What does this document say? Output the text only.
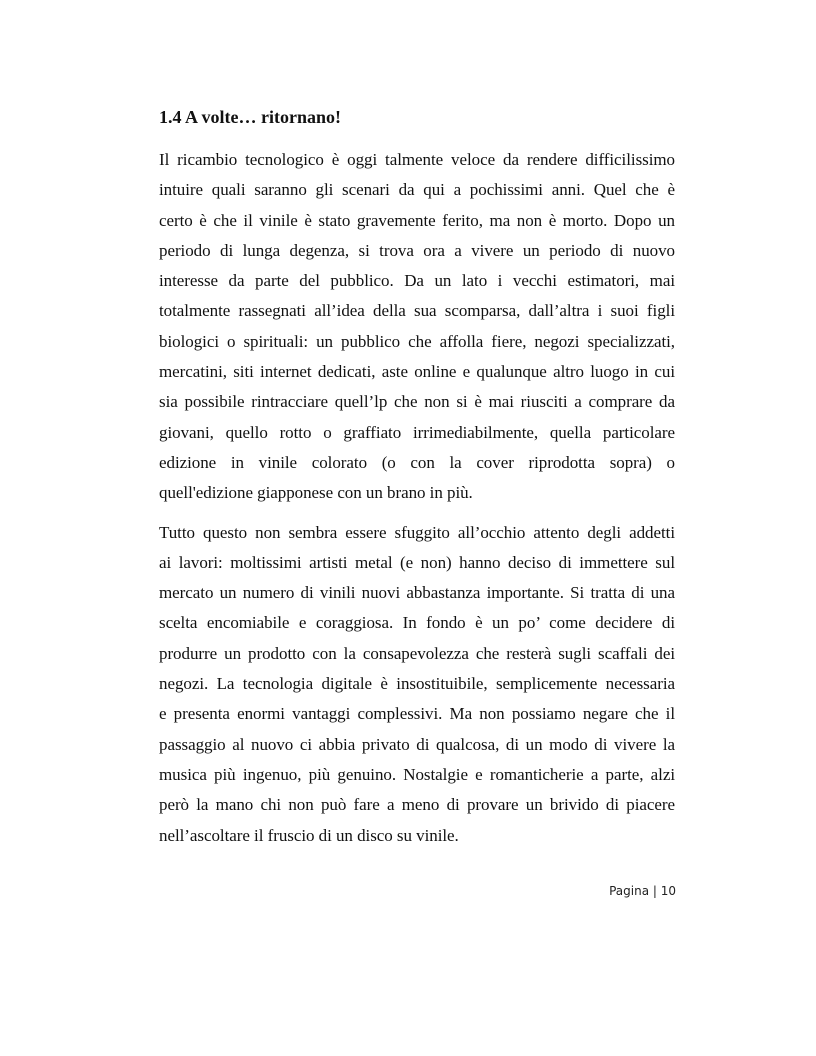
1.4 A volte… ritornano!
Il ricambio tecnologico è oggi talmente veloce da rendere difficilissimo
intuire quali saranno gli scenari da qui a pochissimi anni. Quel che è
certo è che il vinile è stato gravemente ferito, ma non è morto. Dopo un
periodo di lunga degenza, si trova ora a vivere un periodo di nuovo
interesse da parte del pubblico. Da un lato i vecchi estimatori, mai
totalmente rassegnati all’idea della sua scomparsa, dall’altra i suoi figli
biologici o spirituali: un pubblico che affolla fiere, negozi specializzati,
mercatini, siti internet dedicati, aste online e qualunque altro luogo in cui
sia possibile rintracciare quell’lp che non si è mai riusciti a comprare da
giovani, quello rotto o graffiato irrimediabilmente, quella particolare
edizione in vinile colorato (o con la cover riprodotta sopra) o
quell'edizione giapponese con un brano in più.
Tutto questo non sembra essere sfuggito all’occhio attento degli addetti
ai lavori: moltissimi artisti metal (e non) hanno deciso di immettere sul
mercato un numero di vinili nuovi abbastanza importante. Si tratta di una
scelta encomiabile e coraggiosa. In fondo è un po’ come decidere di
produrre un prodotto con la consapevolezza che resterà sugli scaffali dei
negozi. La tecnologia digitale è insostituibile, semplicemente necessaria
e presenta enormi vantaggi complessivi. Ma non possiamo negare che il
passaggio al nuovo ci abbia privato di qualcosa, di un modo di vivere la
musica più ingenuo, più genuino. Nostalgie e romanticherie a parte, alzi
però la mano chi non può fare a meno di provare un brivido di piacere
nell’ascoltare il fruscio di un disco su vinile.
Pagina | 10
